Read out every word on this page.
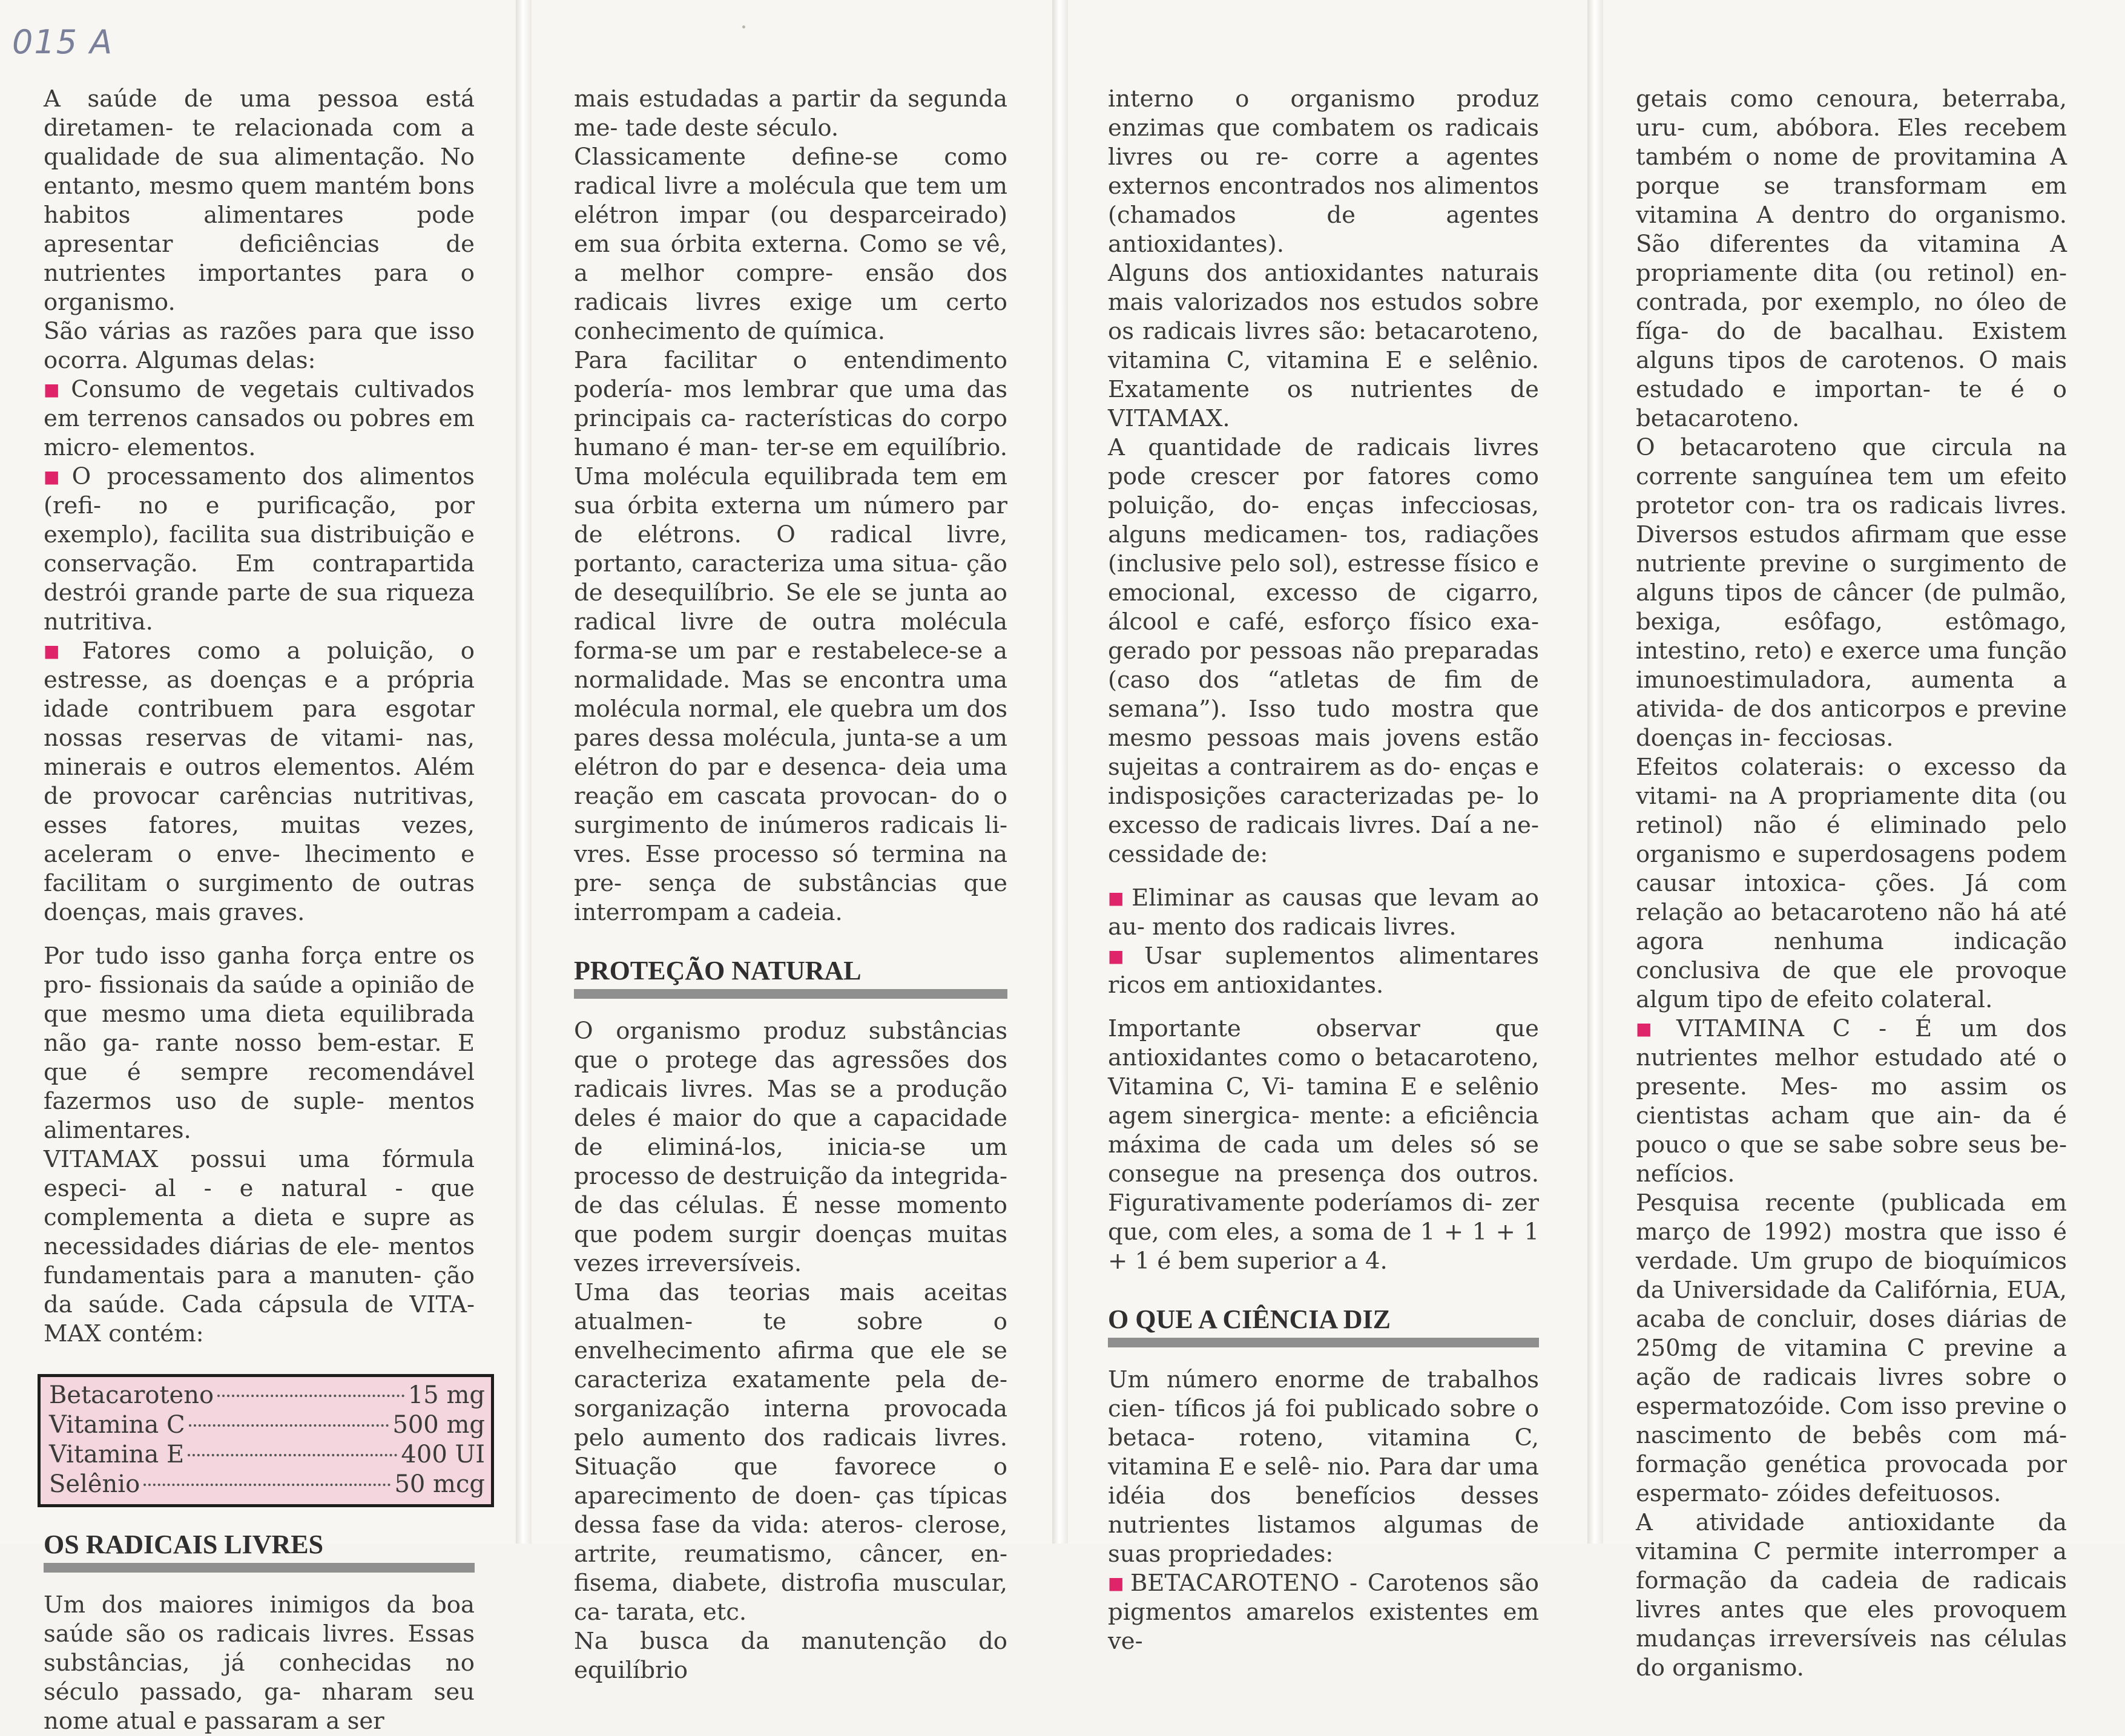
015 A

A saúde de uma pessoa está diretamen- te relacionada com a qualidade de sua alimentação. No entanto, mesmo quem mantém bons habitos alimentares pode apresentar deficiências de nutrientes importantes para o organismo.

São várias as razões para que isso ocorra. Algumas delas:

■ Consumo de vegetais cultivados em terrenos cansados ou pobres em micro- elementos.

■ O processamento dos alimentos (refi- no e purificação, por exemplo), facilita sua distribuição e conservação. Em contrapartida destrói grande parte de sua riqueza nutritiva.

■ Fatores como a poluição, o estresse, as doenças e a própria idade contribuem para esgotar nossas reservas de vitami- nas, minerais e outros elementos. Além de provocar carências nutritivas, esses fatores, muitas vezes, aceleram o enve- lhecimento e facilitam o surgimento de outras doenças, mais graves.

Por tudo isso ganha força entre os pro- fissionais da saúde a opinião de que mesmo uma dieta equilibrada não ga- rante nosso bem-estar. E que é sempre recomendável fazermos uso de suple- mentos alimentares.

VITAMAX possui uma fórmula especi- al - e natural - que complementa a dieta e supre as necessidades diárias de ele- mentos fundamentais para a manuten- ção da saúde. Cada cápsula de VITA- MAX contém:

Betacaroteno	15 mg
Vitamina C	500 mg
Vitamina E	400 UI
Selênio	50 mcg
OS RADICAIS LIVRES

Um dos maiores inimigos da boa saúde são os radicais livres. Essas substâncias, já conhecidas no século passado, ga- nharam seu nome atual e passaram a ser

mais estudadas a partir da segunda me- tade deste século.

Classicamente define-se como radical livre a molécula que tem um elétron impar (ou desparceirado) em sua órbita externa. Como se vê, a melhor compre- ensão dos radicais livres exige um certo conhecimento de química.

Para facilitar o entendimento podería- mos lembrar que uma das principais ca- racterísticas do corpo humano é man- ter-se em equilíbrio. Uma molécula equilibrada tem em sua órbita externa um número par de elétrons. O radical livre, portanto, caracteriza uma situa- ção de desequilíbrio. Se ele se junta ao radical livre de outra molécula forma-se um par e restabelece-se a normalidade. Mas se encontra uma molécula normal, ele quebra um dos pares dessa molécula, junta-se a um elétron do par e desenca- deia uma reação em cascata provocan- do o surgimento de inúmeros radicais li- vres. Esse processo só termina na pre- sença de substâncias que interrompam a cadeia.

PROTEÇÃO NATURAL

O organismo produz substâncias que o protege das agressões dos radicais livres. Mas se a produção deles é maior do que a capacidade de eliminá-los, inicia-se um processo de destruição da integrida- de das células. É nesse momento que podem surgir doenças muitas vezes irreversíveis.

Uma das teorias mais aceitas atualmen- te sobre o envelhecimento afirma que ele se caracteriza exatamente pela de- sorganização interna provocada pelo aumento dos radicais livres. Situação que favorece o aparecimento de doen- ças típicas dessa fase da vida: ateros- clerose, artrite, reumatismo, câncer, en- fisema, diabete, distrofia muscular, ca- tarata, etc.

Na busca da manutenção do equilíbrio

interno o organismo produz enzimas que combatem os radicais livres ou re- corre a agentes externos encontrados nos alimentos (chamados de agentes antioxidantes).

Alguns dos antioxidantes naturais mais valorizados nos estudos sobre os radicais livres são: betacaroteno, vitamina C, vitamina E e selênio. Exatamente os nutrientes de VITAMAX.

A quantidade de radicais livres pode crescer por fatores como poluição, do- enças infecciosas, alguns medicamen- tos, radiações (inclusive pelo sol), estresse físico e emocional, excesso de cigarro, álcool e café, esforço físico exa- gerado por pessoas não preparadas (caso dos “atletas de fim de semana”). Isso tudo mostra que mesmo pessoas mais jovens estão sujeitas a contrairem as do- enças e indisposições caracterizadas pe- lo excesso de radicais livres. Daí a ne- cessidade de:

■ Eliminar as causas que levam ao au- mento dos radicais livres.

■ Usar suplementos alimentares ricos em antioxidantes.

Importante observar que antioxidantes como o betacaroteno, Vitamina C, Vi- tamina E e selênio agem sinergica- mente: a eficiência máxima de cada um deles só se consegue na presença dos outros. Figurativamente poderíamos di- zer que, com eles, a soma de 1 + 1 + 1 + 1 é bem superior a 4.

O QUE A CIÊNCIA DIZ

Um número enorme de trabalhos cien- tíficos já foi publicado sobre o betaca- roteno, vitamina C, vitamina E e selê- nio. Para dar uma idéia dos benefícios desses nutrientes listamos algumas de suas propriedades:

■ BETACAROTENO - Carotenos são pigmentos amarelos existentes em ve-

getais como cenoura, beterraba, uru- cum, abóbora. Eles recebem também o nome de provitamina A porque se transformam em vitamina A dentro do organismo. São diferentes da vitamina A propriamente dita (ou retinol) en- contrada, por exemplo, no óleo de fíga- do de bacalhau. Existem alguns tipos de carotenos. O mais estudado e importan- te é o betacaroteno.

O betacaroteno que circula na corrente sanguínea tem um efeito protetor con- tra os radicais livres. Diversos estudos afirmam que esse nutriente previne o surgimento de alguns tipos de câncer (de pulmão, bexiga, esôfago, estômago, intestino, reto) e exerce uma função imunoestimuladora, aumenta a ativida- de dos anticorpos e previne doenças in- fecciosas.

Efeitos colaterais: o excesso da vitami- na A propriamente dita (ou retinol) não é eliminado pelo organismo e superdosagens podem causar intoxica- ções. Já com relação ao betacaroteno não há até agora nenhuma indicação conclusiva de que ele provoque algum tipo de efeito colateral.

■ VITAMINA C - É um dos nutrientes melhor estudado até o presente. Mes- mo assim os cientistas acham que ain- da é pouco o que se sabe sobre seus be- nefícios.

Pesquisa recente (publicada em março de 1992) mostra que isso é verdade. Um grupo de bioquímicos da Universidade da Califórnia, EUA, acaba de concluir, doses diárias de 250mg de vitamina C previne a ação de radicais livres sobre o espermatozóide. Com isso previne o nascimento de bebês com má-formação genética provocada por espermato- zóides defeituosos.

A atividade antioxidante da vitamina C permite interromper a formação da cadeia de radicais livres antes que eles provoquem mudanças irreversíveis nas células do organismo.
